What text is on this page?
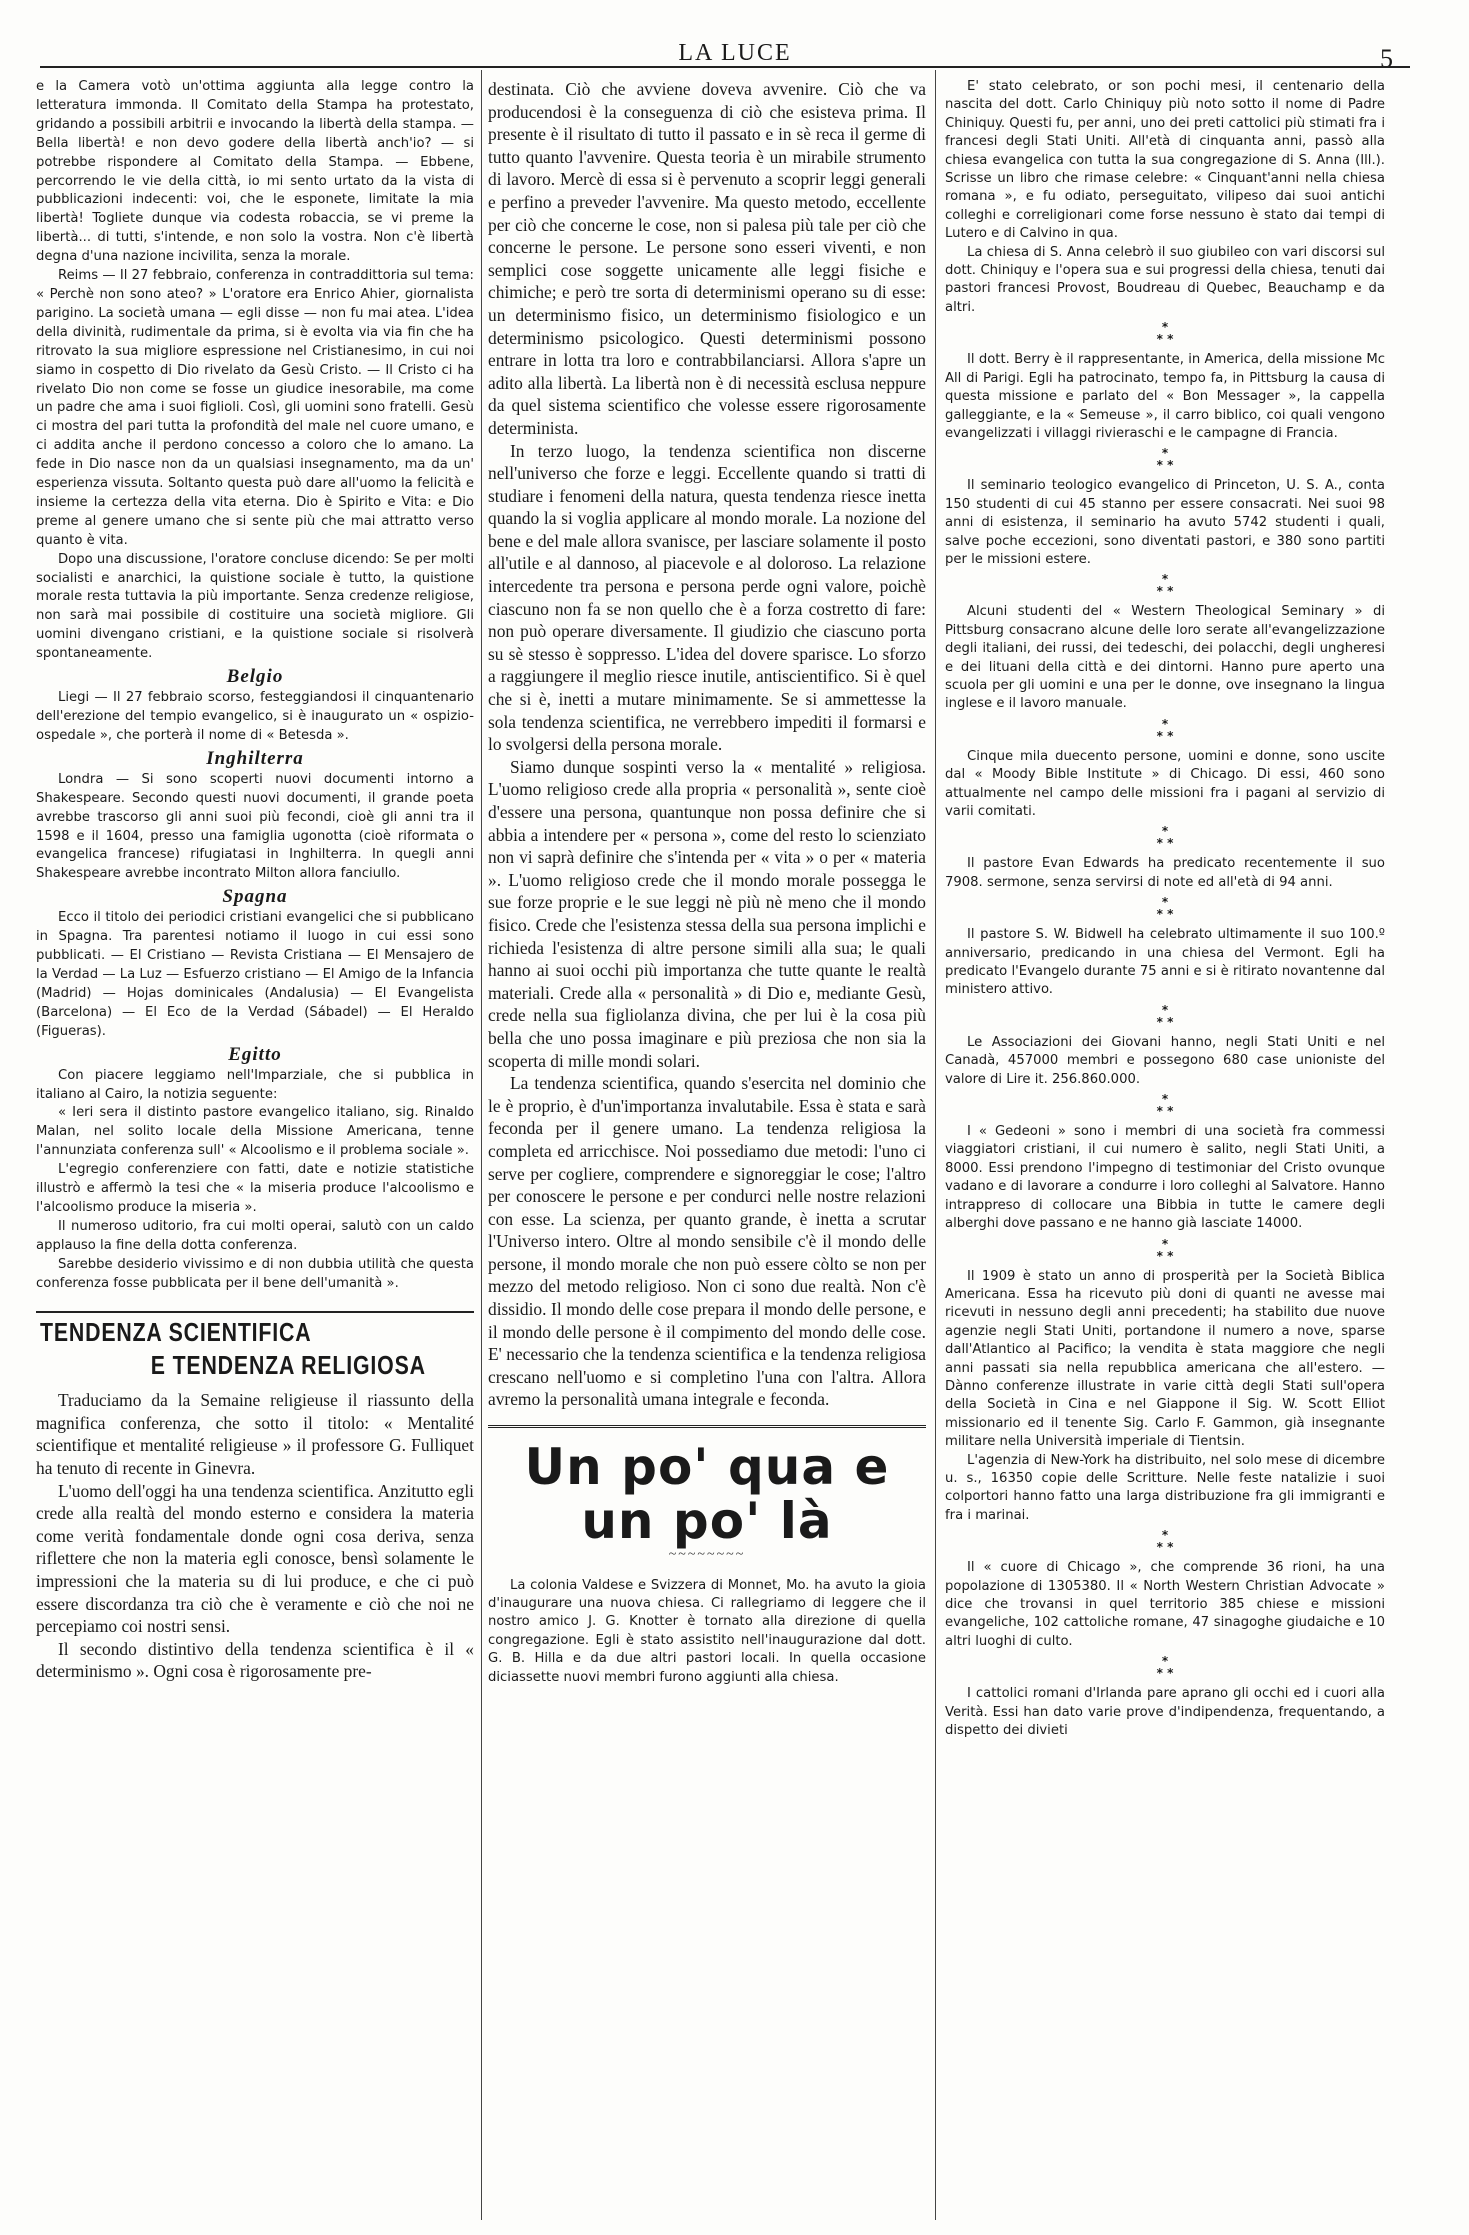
LA LUCE	5

e la Camera votò un'ottima aggiunta alla legge contro la letteratura immonda. Il Comitato della Stampa ha protestato, gridando a possibili arbitrii e invocando la libertà della stampa. — Bella libertà! e non devo godere della libertà anch'io? — si potrebbe rispondere al Comitato della Stampa. — Ebbene, percorrendo le vie della città, io mi sento urtato da la vista di pubblicazioni indecenti: voi, che le esponete, limitate la mia libertà! Togliete dunque via codesta robaccia, se vi preme la libertà... di tutti, s'intende, e non solo la vostra. Non c'è libertà degna d'una nazione incivilita, senza la morale.

Reims — Il 27 febbraio, conferenza in contraddittoria sul tema: « Perchè non sono ateo? » L'oratore era Enrico Ahier, giornalista parigino. La società umana — egli disse — non fu mai atea. L'idea della divinità, rudimentale da prima, si è evolta via via fin che ha ritrovato la sua migliore espressione nel Cristianesimo, in cui noi siamo in cospetto di Dio rivelato da Gesù Cristo. — Il Cristo ci ha rivelato Dio non come se fosse un giudice inesorabile, ma come un padre che ama i suoi figlioli. Così, gli uomini sono fratelli. Gesù ci mostra del pari tutta la profondità del male nel cuore umano, e ci addita anche il perdono concesso a coloro che lo amano. La fede in Dio nasce non da un qualsiasi insegnamento, ma da un' esperienza vissuta. Soltanto questa può dare all'uomo la felicità e insieme la certezza della vita eterna. Dio è Spirito e Vita: e Dio preme al genere umano che si sente più che mai attratto verso quanto è vita.

Dopo una discussione, l'oratore concluse dicendo: Se per molti socialisti e anarchici, la quistione sociale è tutto, la quistione morale resta tuttavia la più importante. Senza credenze religiose, non sarà mai possibile di costituire una società migliore. Gli uomini divengano cristiani, e la quistione sociale si risolverà spontaneamente.

Belgio

Liegi — Il 27 febbraio scorso, festeggiandosi il cinquantenario dell'erezione del tempio evangelico, si è inaugurato un « ospizio-ospedale », che porterà il nome di « Betesda ».

Inghilterra

Londra — Si sono scoperti nuovi documenti intorno a Shakespeare. Secondo questi nuovi documenti, il grande poeta avrebbe trascorso gli anni suoi più fecondi, cioè gli anni tra il 1598 e il 1604, presso una famiglia ugonotta (cioè riformata o evangelica francese) rifugiatasi in Inghilterra. In quegli anni Shakespeare avrebbe incontrato Milton allora fanciullo.

Spagna

Ecco il titolo dei periodici cristiani evangelici che si pubblicano in Spagna. Tra parentesi notiamo il luogo in cui essi sono pubblicati. — El Cristiano — Revista Cristiana — El Mensajero de la Verdad — La Luz — Esfuerzo cristiano — El Amigo de la Infancia (Madrid) — Hojas dominicales (Andalusia) — El Evangelista (Barcelona) — El Eco de la Verdad (Sábadel) — El Heraldo (Figueras).

Egitto

Con piacere leggiamo nell'Imparziale, che si pubblica in italiano al Cairo, la notizia seguente:

« Ieri sera il distinto pastore evangelico italiano, sig. Rinaldo Malan, nel solito locale della Missione Americana, tenne l'annunziata conferenza sull' « Alcoolismo e il problema sociale ».

L'egregio conferenziere con fatti, date e notizie statistiche illustrò e affermò la tesi che « la miseria produce l'alcoolismo e l'alcoolismo produce la miseria ».

Il numeroso uditorio, fra cui molti operai, salutò con un caldo applauso la fine della dotta conferenza.

Sarebbe desiderio vivissimo e di non dubbia utilità che questa conferenza fosse pubblicata per il bene dell'umanità ».

TENDENZA SCIENTIFICA
E TENDENZA RELIGIOSA

Traduciamo da la Semaine religieuse il riassunto della magnifica conferenza, che sotto il titolo: « Mentalité scientifique et mentalité religieuse » il professore G. Fulliquet ha tenuto di recente in Ginevra.

L'uomo dell'oggi ha una tendenza scientifica. Anzitutto egli crede alla realtà del mondo esterno e considera la materia come verità fondamentale donde ogni cosa deriva, senza riflettere che non la materia egli conosce, bensì solamente le impressioni che la materia su di lui produce, e che ci può essere discordanza tra ciò che è veramente e ciò che noi ne percepiamo coi nostri sensi.

Il secondo distintivo della tendenza scientifica è il « determinismo ». Ogni cosa è rigorosamente pre-

destinata. Ciò che avviene doveva avvenire. Ciò che va producendosi è la conseguenza di ciò che esisteva prima. Il presente è il risultato di tutto il passato e in sè reca il germe di tutto quanto l'avvenire. Questa teoria è un mirabile strumento di lavoro. Mercè di essa si è pervenuto a scoprir leggi generali e perfino a preveder l'avvenire. Ma questo metodo, eccellente per ciò che concerne le cose, non si palesa più tale per ciò che concerne le persone. Le persone sono esseri viventi, e non semplici cose soggette unicamente alle leggi fisiche e chimiche; e però tre sorta di determinismi operano su di esse: un determinismo fisico, un determinismo fisiologico e un determinismo psicologico. Questi determinismi possono entrare in lotta tra loro e contrabbilanciarsi. Allora s'apre un adito alla libertà. La libertà non è di necessità esclusa neppure da quel sistema scientifico che volesse essere rigorosamente deterministа.

In terzo luogo, la tendenza scientifica non discerne nell'universo che forze e leggi. Eccellente quando si tratti di studiare i fenomeni della natura, questa tendenza riesce inetta quando la si voglia applicare al mondo morale. La nozione del bene e del male allora svanisce, per lasciare solamente il posto all'utile e al dannoso, al piacevole e al doloroso. La relazione intercedente tra persona e persona perde ogni valore, poichè ciascuno non fa se non quello che è a forza costretto di fare: non può operare diversamente. Il giudizio che ciascuno porta su sè stesso è soppresso. L'idea del dovere sparisce. Lo sforzo a raggiungere il meglio riesce inutile, antiscientifico. Si è quel che si è, inetti a mutare minimamente. Se si ammettesse la sola tendenza scientifica, ne verrebbero impediti il formarsi e lo svolgersi della persona morale.

Siamo dunque sospinti verso la « mentalité » religiosa. L'uomo religioso crede alla propria « personalità », sente cioè d'essere una persona, quantunque non possa definire che si abbia a intendere per « persona », come del resto lo scienziato non vi saprà definire che s'intenda per « vita » o per « materia ». L'uomo religioso crede che il mondo morale possegga le sue forze proprie e le sue leggi nè più nè meno che il mondo fisico. Crede che l'esistenza stessa della sua persona implichi e richieda l'esistenza di altre persone simili alla sua; le quali hanno ai suoi occhi più importanza che tutte quante le realtà materiali. Crede alla « personalità » di Dio e, mediante Gesù, crede nella sua figliolanza divina, che per lui è la cosa più bella che uno possa imaginare e più preziosa che non sia la scoperta di mille mondi solari.

La tendenza scientifica, quando s'esercita nel dominio che le è proprio, è d'un'importanza invalutabile. Essa è stata e sarà feconda per il genere umano. La tendenza religiosa la completa ed arricchisce. Noi possediamo due metodi: l'uno ci serve per cogliere, comprendere e signoreggiar le cose; l'altro per conoscere le persone e per condurci nelle nostre relazioni con esse. La scienza, per quanto grande, è inetta a scrutar l'Universo intero. Oltre al mondo sensibile c'è il mondo delle persone, il mondo morale che non può essere còlto se non per mezzo del metodo religioso. Non ci sono due realtà. Non c'è dissidio. Il mondo delle cose prepara il mondo delle persone, e il mondo delle persone è il compimento del mondo delle cose. E' necessario che la tendenza scientifica e la tendenza religiosa crescano nell'uomo e si completino l'una con l'altra. Allora avremo la personalità umana integrale e feconda.

Un po' qua e un po' là
~~~~~~~~

La colonia Valdese e Svizzera di Monnet, Mo. ha avuto la gioia d'inaugurare una nuova chiesa. Ci rallegriamo di leggere che il nostro amico J. G. Knotter è tornato alla direzione di quella congregazione. Egli è stato assistito nell'inaugurazione dal dott. G. B. Hilla e da due altri pastori locali. In quella occasione diciassette nuovi membri furono aggiunti alla chiesa.

E' stato celebrato, or son pochi mesi, il centenario della nascita del dott. Carlo Chiniquy più noto sotto il nome di Padre Chiniquy. Questi fu, per anni, uno dei preti cattolici più stimati fra i francesi degli Stati Uniti. All'età di cinquanta anni, passò alla chiesa evangelica con tutta la sua congregazione di S. Anna (Ill.). Scrisse un libro che rimase celebre: « Cinquant'anni nella chiesa romana », e fu odiato, perseguitato, vilipeso dai suoi antichi colleghi e correligionari come forse nessuno è stato dai tempi di Lutero e di Calvino in qua.

La chiesa di S. Anna celebrò il suo giubileo con vari discorsi sul dott. Chiniquy e l'opera sua e sui progressi della chiesa, tenuti dai pastori francesi Provost, Boudreau di Quebec, Beauchamp e da altri.

*
* *

Il dott. Berry è il rappresentante, in America, della missione Mc All di Parigi. Egli ha patrocinato, tempo fa, in Pittsburg la causa di questa missione e parlato del « Bon Messager », la cappella galleggiante, e la « Semeuse », il carro biblico, coi quali vengono evangelizzati i villaggi rivieraschi e le campagne di Francia.

*
* *

Il seminario teologico evangelico di Princeton, U. S. A., conta 150 studenti di cui 45 stanno per essere consacrati. Nei suoi 98 anni di esistenza, il seminario ha avuto 5742 studenti i quali, salve poche eccezioni, sono diventati pastori, e 380 sono partiti per le missioni estere.

*
* *

Alcuni studenti del « Western Theological Seminary » di Pittsburg consacrano alcune delle loro serate all'evangelizzazione degli italiani, dei russi, dei tedeschi, dei polacchi, degli ungheresi e dei lituani della città e dei dintorni. Hanno pure aperto una scuola per gli uomini e una per le donne, ove insegnano la lingua inglese e il lavoro manuale.

*
* *

Cinque mila duecento persone, uomini e donne, sono uscite dal « Moody Bible Institute » di Chicago. Di essi, 460 sono attualmente nel campo delle missioni fra i pagani al servizio di varii comitati.

*
* *

Il pastore Evan Edwards ha predicato recentemente il suo 7908. sermone, senza servirsi di note ed all'età di 94 anni.

*
* *

Il pastore S. W. Bidwell ha celebrato ultimamente il suo 100.º anniversario, predicando in una chiesa del Vermont. Egli ha predicato l'Evangelo durante 75 anni e si è ritirato novantenne dal ministero attivo.

*
* *

Le Associazioni dei Giovani hanno, negli Stati Uniti e nel Canadà, 457000 membri e possegono 680 case unioniste del valore di Lire it. 256.860.000.

*
* *

I « Gedeoni » sono i membri di una società fra commessi viaggiatori cristiani, il cui numero è salito, negli Stati Uniti, a 8000. Essi prendono l'impegno di testimoniar del Cristo ovunque vadano e di lavorare a condurre i loro colleghi al Salvatore. Hanno intrappreso di collocare una Bibbia in tutte le camere degli alberghi dove passano e ne hanno già lasciate 14000.

*
* *

Il 1909 è stato un anno di prosperità per la Società Biblica Americana. Essa ha ricevuto più doni di quanti ne avesse mai ricevuti in nessuno degli anni precedenti; ha stabilito due nuove agenzie negli Stati Uniti, portandone il numero a nove, sparse dall'Atlantico al Pacifico; la vendita è stata maggiore che negli anni passati sia nella repubblica americana che all'estero. — Dànno conferenze illustrate in varie città degli Stati sull'opera della Società in Cina e nel Giappone il Sig. W. Scott Elliot missionario ed il tenente Sig. Carlo F. Gammon, già insegnante militare nella Università imperiale di Tientsin.

L'agenzia di New-York ha distribuito, nel solo mese di dicembre u. s., 16350 copie delle Scritture. Nelle feste natalizie i suoi colportori hanno fatto una larga distribuzione fra gli immigranti e fra i marinai.

*
* *

Il « cuore di Chicago », che comprende 36 rioni, ha una popolazione di 1305380. Il « North Western Christian Advocate » dice che trovansi in quel territorio 385 chiese e missioni evangeliche, 102 cattoliche romane, 47 sinagoghe giudaiche e 10 altri luoghi di culto.

*
* *

I cattolici romani d'Irlanda pare aprano gli occhi ed i cuori alla Verità. Essi han dato varie prove d'indipendenza, frequentando, a dispetto dei divieti
